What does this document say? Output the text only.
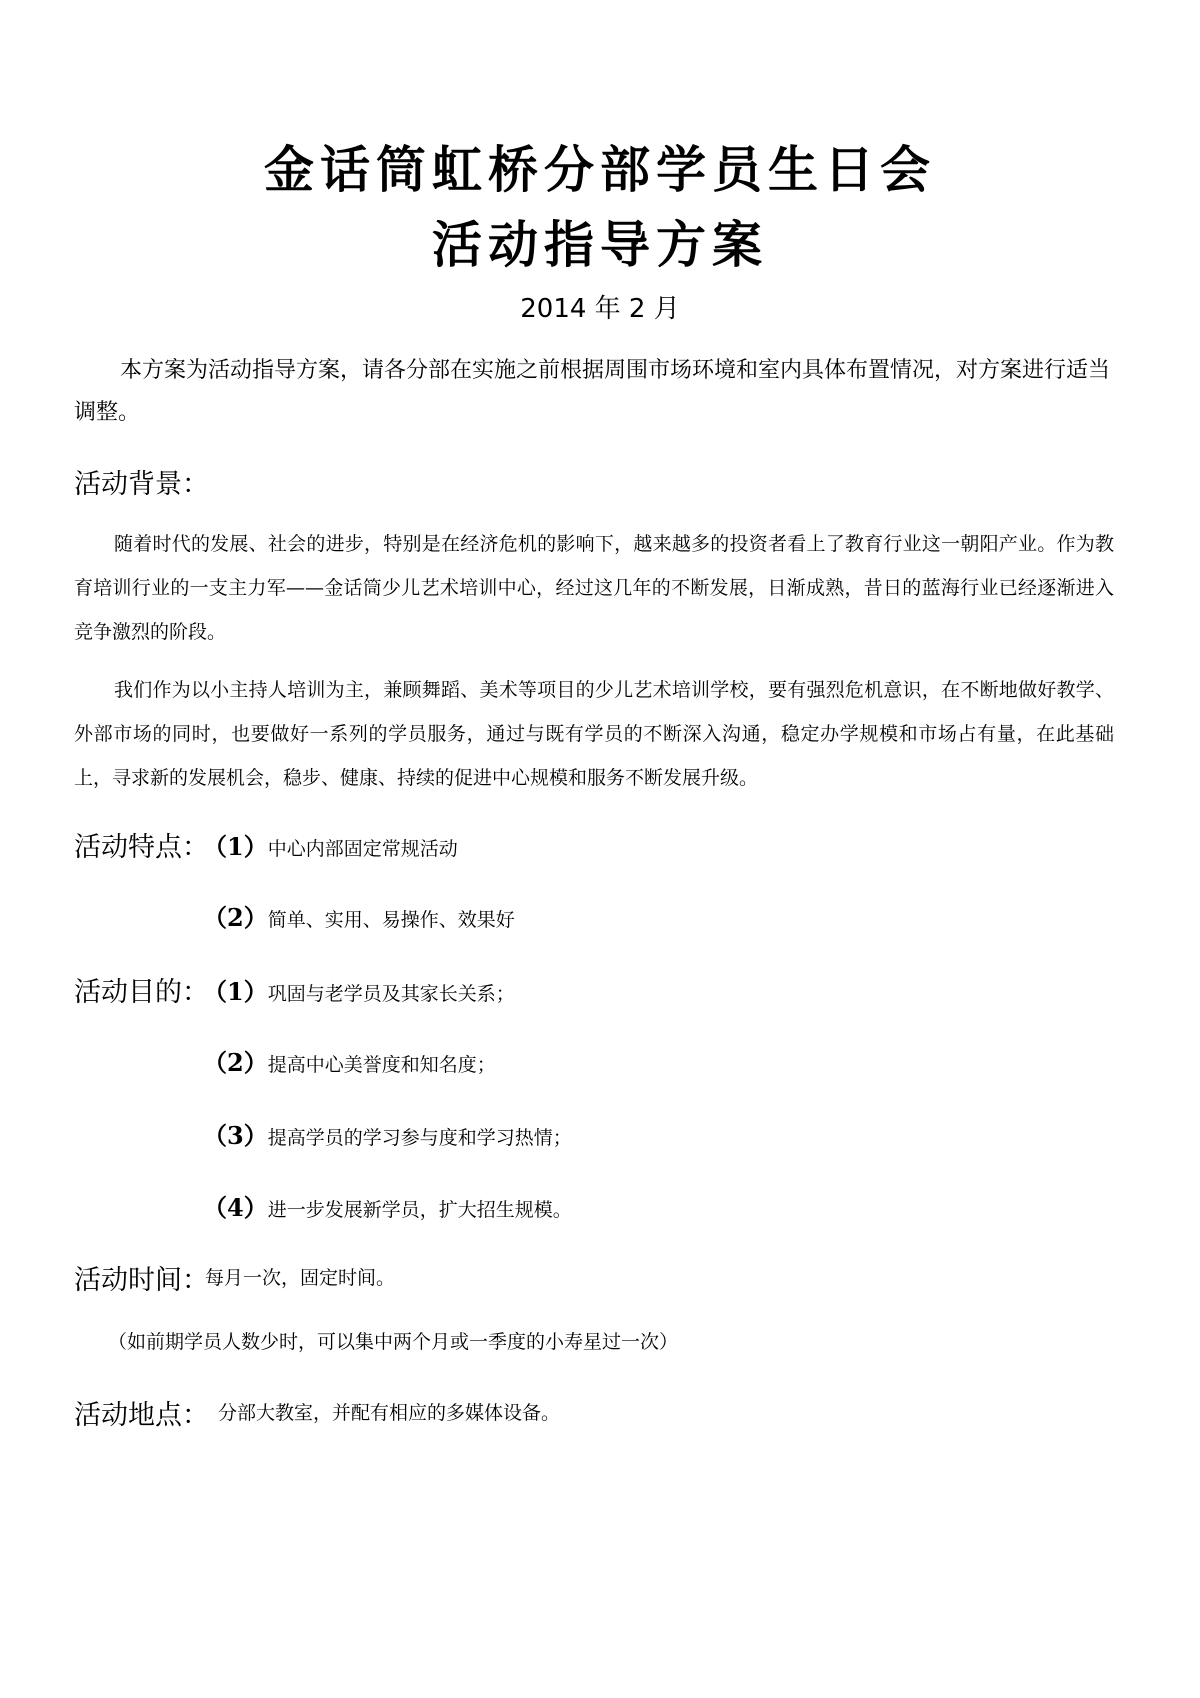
金话筒虹桥分部学员生日会
活动指导方案
2014 年 2 月
本方案为活动指导方案，请各分部在实施之前根据周围市场环境和室内具体布置情况，对方案进行适当调整。
活动背景：
随着时代的发展、社会的进步，特别是在经济危机的影响下，越来越多的投资者看上了教育行业这一朝阳产业。作为教育培训行业的一支主力军——金话筒少儿艺术培训中心，经过这几年的不断发展，日渐成熟，昔日的蓝海行业已经逐渐进入竞争激烈的阶段。
我们作为以小主持人培训为主，兼顾舞蹈、美术等项目的少儿艺术培训学校，要有强烈危机意识，在不断地做好教学、外部市场的同时，也要做好一系列的学员服务，通过与既有学员的不断深入沟通，稳定办学规模和市场占有量，在此基础上，寻求新的发展机会，稳步、健康、持续的促进中心规模和服务不断发展升级。
活动特点：
（1）中心内部固定常规活动
（2）简单、实用、易操作、效果好
活动目的：
（1）巩固与老学员及其家长关系；
（2）提高中心美誉度和知名度；
（3）提高学员的学习参与度和学习热情；
（4）进一步发展新学员，扩大招生规模。
活动时间：
每月一次，固定时间。
（如前期学员人数少时，可以集中两个月或一季度的小寿星过一次）
活动地点： 分部大教室，并配有相应的多媒体设备。
